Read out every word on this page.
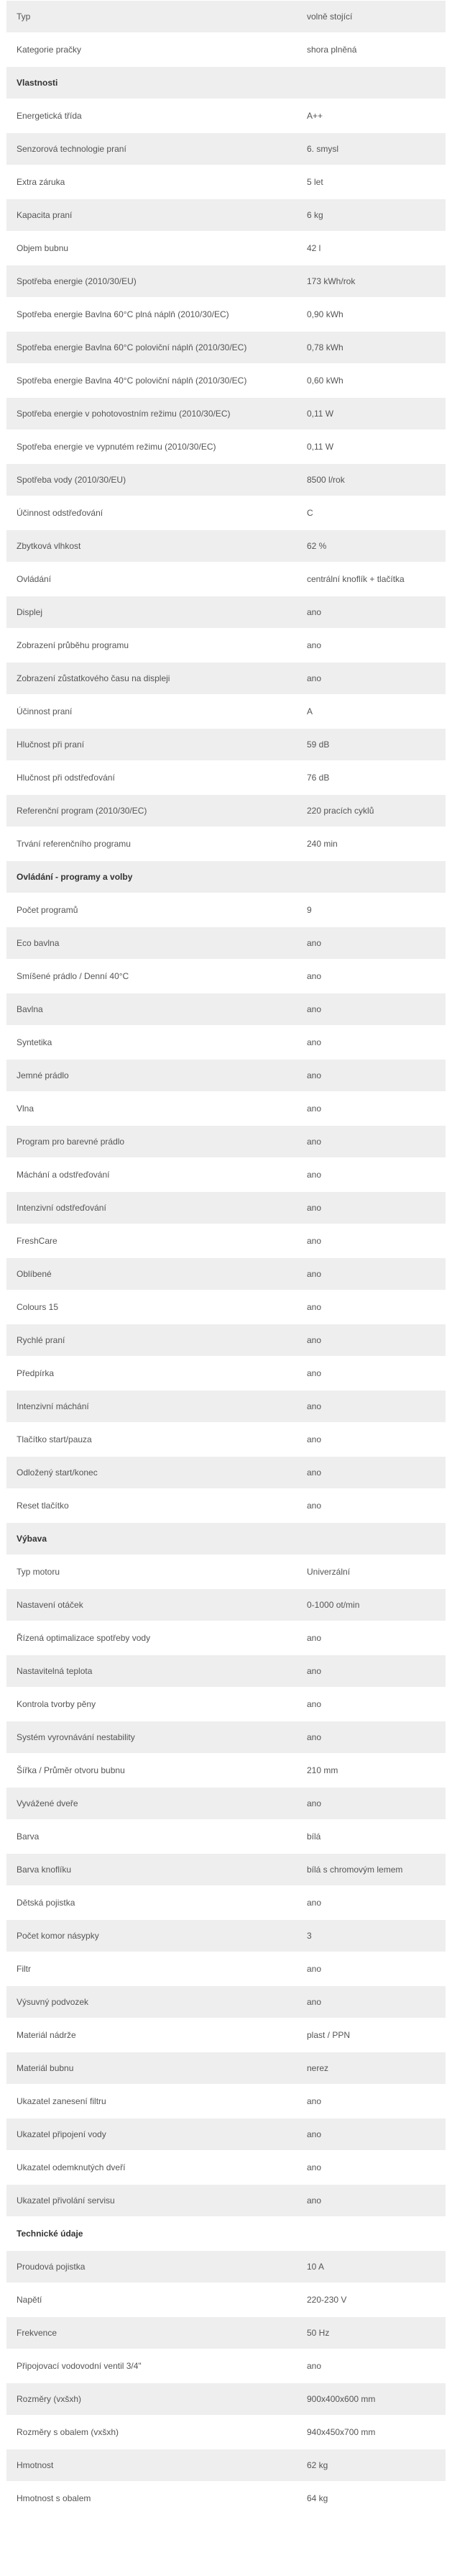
Typ	volně stojící
Kategorie pračky	shora plněná
Vlastnosti
Energetická třída	A++
Senzorová technologie praní	6. smysl
Extra záruka	5 let
Kapacita praní	6 kg
Objem bubnu	42 l
Spotřeba energie (2010/30/EU)	173 kWh/rok
Spotřeba energie Bavlna 60°C plná náplň (2010/30/EC)	0,90 kWh
Spotřeba energie Bavlna 60°C poloviční náplň (2010/30/EC)	0,78 kWh
Spotřeba energie Bavlna 40°C poloviční náplň (2010/30/EC)	0,60 kWh
Spotřeba energie v pohotovostním režimu (2010/30/EC)	0,11 W
Spotřeba energie ve vypnutém režimu (2010/30/EC)	0,11 W
Spotřeba vody (2010/30/EU)	8500 l/rok
Účinnost odstřeďování	C
Zbytková vlhkost	62 %
Ovládání	centrální knoflík + tlačítka
Displej	ano
Zobrazení průběhu programu	ano
Zobrazení zůstatkového času na displeji	ano
Účinnost praní	A
Hlučnost při praní	59 dB
Hlučnost při odstřeďování	76 dB
Referenční program (2010/30/EC)	220 pracích cyklů
Trvání referenčního programu	240 min
Ovládání - programy a volby
Počet programů	9
Eco bavlna	ano
Smíšené prádlo / Denní 40°C	ano
Bavlna	ano
Syntetika	ano
Jemné prádlo	ano
Vlna	ano
Program pro barevné prádlo	ano
Máchání a odstřeďování	ano
Intenzivní odstřeďování	ano
FreshCare	ano
Oblíbené	ano
Colours 15	ano
Rychlé praní	ano
Předpírka	ano
Intenzivní máchání	ano
Tlačítko start/pauza	ano
Odložený start/konec	ano
Reset tlačítko	ano
Výbava
Typ motoru	Univerzální
Nastavení otáček	0-1000 ot/min
Řízená optimalizace spotřeby vody	ano
Nastavitelná teplota	ano
Kontrola tvorby pěny	ano
Systém vyrovnávání nestability	ano
Šířka / Průměr otvoru bubnu	210 mm
Vyvážené dveře	ano
Barva	bílá
Barva knoflíku	bílá s chromovým lemem
Dětská pojistka	ano
Počet komor násypky	3
Filtr	ano
Výsuvný podvozek	ano
Materiál nádrže	plast / PPN
Materiál bubnu	nerez
Ukazatel zanesení filtru	ano
Ukazatel připojení vody	ano
Ukazatel odemknutých dveří	ano
Ukazatel přivolání servisu	ano
Technické údaje
Proudová pojistka	10 A
Napětí	220-230 V
Frekvence	50 Hz
Připojovací vodovodní ventil 3/4"	ano
Rozměry (vxšxh)	900x400x600 mm
Rozměry s obalem (vxšxh)	940x450x700 mm
Hmotnost	62 kg
Hmotnost s obalem	64 kg
